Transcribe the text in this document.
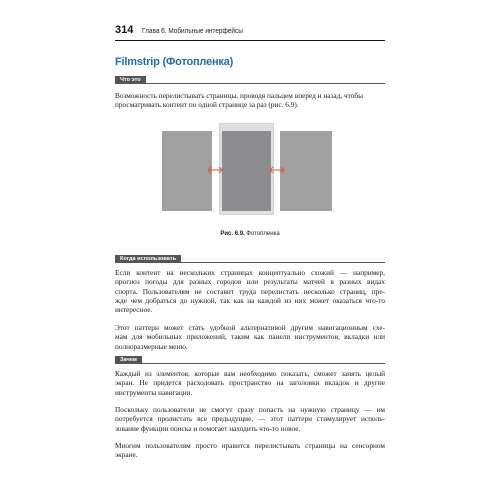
314 Глава 6. Мобильные интерфейсы
Filmstrip (Фотопленка)
Что это
Возможность перелистывать страницы, проводя пальцем вперед и назад, чтобы
просматривать контент по одной странице за раз (рис. 6.9).
Рис. 6.9. Фотопленка
Когда использовать
Если контент на нескольких страницах концептуально схожий — например,
прогноз погоды для разных городов или результаты матчей в разных видах
спорта. Пользователям не составит труда перелистать несколько страниц, пре-
жде чем добраться до нужной, так как на каждой из них может оказаться что-то
интересное.
Этот паттерн может стать удобной альтернативой другим навигационным схе-
мам для мобильных приложений, таким как панели инструментов, вкладки или
полноразмерные меню.
Зачем
Каждый из элементов, которые вам необходимо показать, сможет занять целый
экран. Не придется расходовать пространство на заголовки вкладок и другие
инструменты навигации.
Поскольку пользователи не смогут сразу попасть на нужную страницу — им
потребуется пролистать все предыдущие, — этот паттерн стимулирует исполь-
зование функции поиска и помогает находить что-то новое.
Многим пользователям просто нравится перелистывать страницы на сенсорном
экране.
